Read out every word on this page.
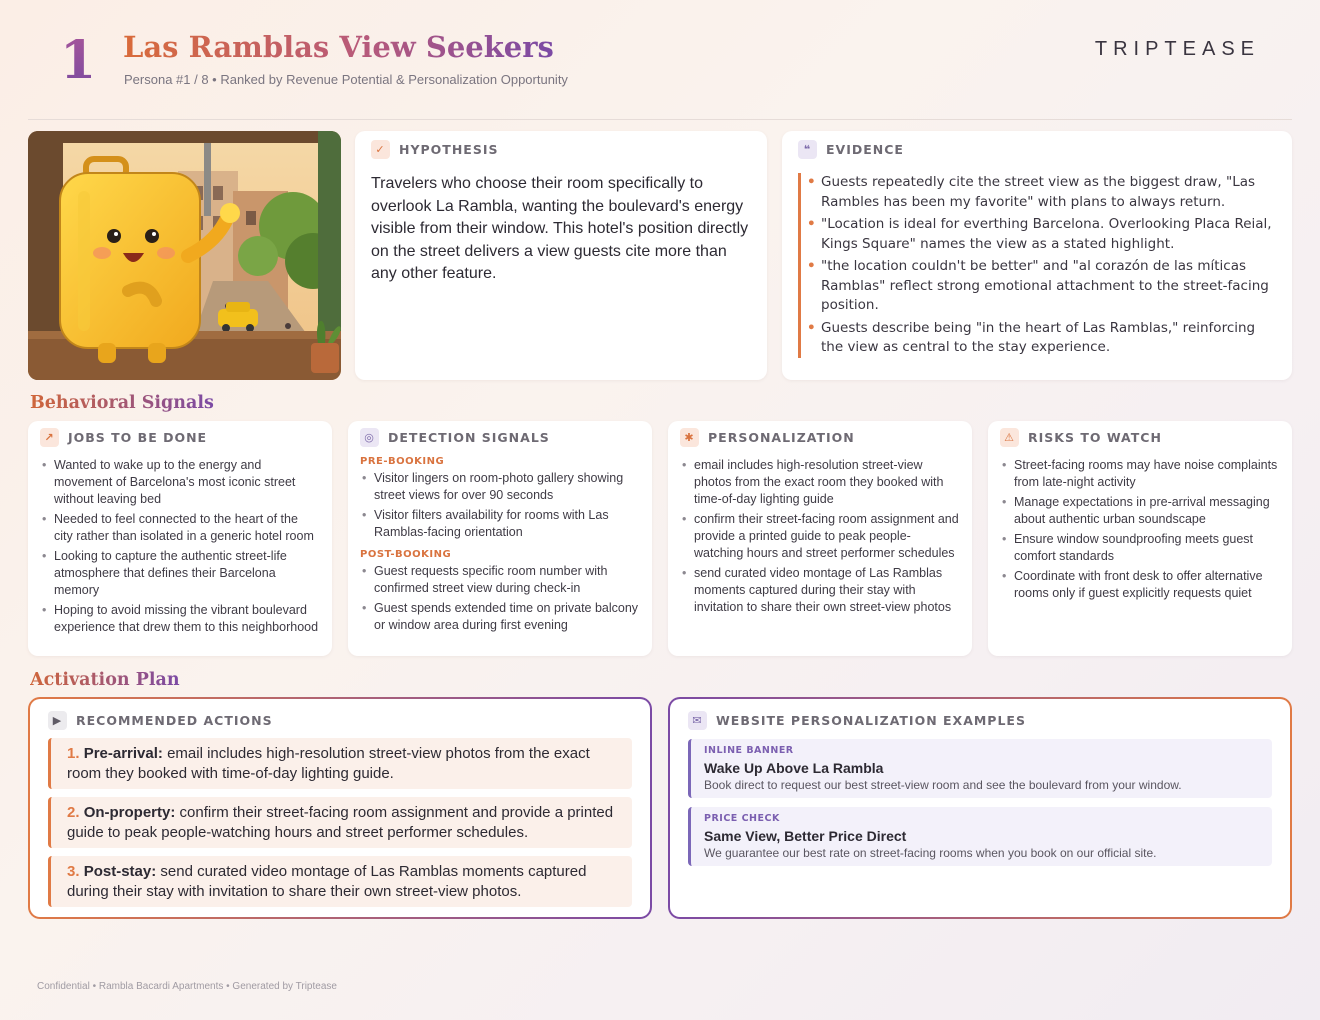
1 Las Ramblas View Seekers
Persona #1 / 8 • Ranked by Revenue Potential & Personalization Opportunity
TRIPTEASE
✓	HYPOTHESIS

Travelers who choose their room specifically to overlook La Rambla, wanting the boulevard's energy visible from their window. This hotel's position directly on the street delivers a view guests cite more than any other feature.

❝	EVIDENCE
• Guests repeatedly cite the street view as the biggest draw, "Las Rambles has been my favorite" with plans to always return.
• "Location is ideal for everthing Barcelona. Overlooking Placa Reial, Kings Square" names the view as a stated highlight.
• "the location couldn't be better" and "al corazón de las míticas Ramblas" reflect strong emotional attachment to the street-facing position.
• Guests describe being "in the heart of Las Ramblas," reinforcing the view as central to the stay experience.
Behavioral Signals
↗	JOBS TO BE DONE
• Wanted to wake up to the energy and movement of Barcelona's most iconic street without leaving bed
• Needed to feel connected to the heart of the city rather than isolated in a generic hotel room
• Looking to capture the authentic street-life atmosphere that defines their Barcelona memory
• Hoping to avoid missing the vibrant boulevard experience that drew them to this neighborhood
◎	DETECTION SIGNALS
PRE-BOOKING
• Visitor lingers on room-photo gallery showing street views for over 90 seconds
• Visitor filters availability for rooms with Las Ramblas-facing orientation
POST-BOOKING
• Guest requests specific room number with confirmed street view during check-in
• Guest spends extended time on private balcony or window area during first evening
✱	PERSONALIZATION
• email includes high-resolution street-view photos from the exact room they booked with time-of-day lighting guide
• confirm their street-facing room assignment and provide a printed guide to peak people-watching hours and street performer schedules
• send curated video montage of Las Ramblas moments captured during their stay with invitation to share their own street-view photos
⚠	RISKS TO WATCH
• Street-facing rooms may have noise complaints from late-night activity
• Manage expectations in pre-arrival messaging about authentic urban soundscape
• Ensure window soundproofing meets guest comfort standards
• Coordinate with front desk to offer alternative rooms only if guest explicitly requests quiet
Activation Plan
▶	RECOMMENDED ACTIONS
1. Pre-arrival: email includes high-resolution street-view photos from the exact room they booked with time-of-day lighting guide.
2. On-property: confirm their street-facing room assignment and provide a printed guide to peak people-watching hours and street performer schedules.
3. Post-stay: send curated video montage of Las Ramblas moments captured during their stay with invitation to share their own street-view photos.
✉	WEBSITE PERSONALIZATION EXAMPLES
INLINE BANNER
Wake Up Above La Rambla
Book direct to request our best street-view room and see the boulevard from your window.
PRICE CHECK
Same View, Better Price Direct
We guarantee our best rate on street-facing rooms when you book on our official site.
Confidential • Rambla Bacardi Apartments • Generated by Triptease
